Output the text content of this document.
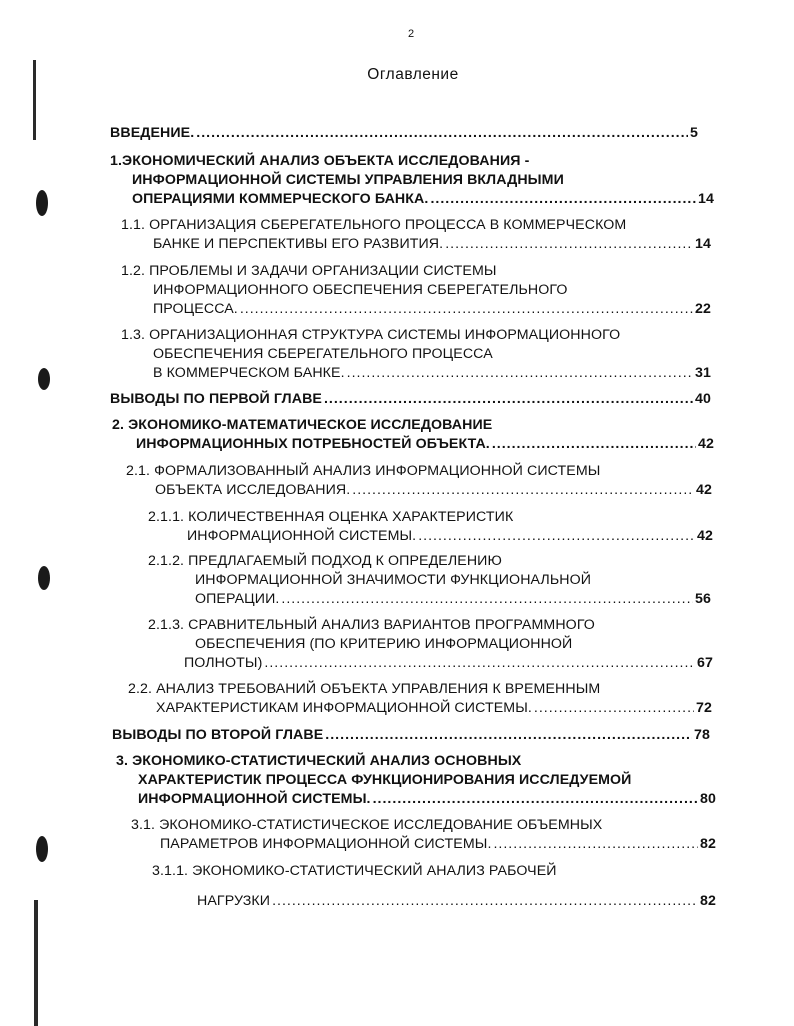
2
Оглавление
ВВЕДЕНИЕ. .....	5
1.ЭКОНОМИЧЕСКИЙ АНАЛИЗ ОБЪЕКТА ИССЛЕДОВАНИЯ -
ИНФОРМАЦИОННОЙ СИСТЕМЫ УПРАВЛЕНИЯ ВКЛАДНЫМИ
ОПЕРАЦИЯМИ КОММЕРЧЕСКОГО БАНКА. .....	14
1.1. ОРГАНИЗАЦИЯ СБЕРЕГАТЕЛЬНОГО ПРОЦЕССА В КОММЕРЧЕСКОМ
БАНКЕ И ПЕРСПЕКТИВЫ ЕГО РАЗВИТИЯ. .....	14
1.2. ПРОБЛЕМЫ И ЗАДАЧИ ОРГАНИЗАЦИИ СИСТЕМЫ
ИНФОРМАЦИОННОГО ОБЕСПЕЧЕНИЯ СБЕРЕГАТЕЛЬНОГО
ПРОЦЕССА. .....	22
1.3. ОРГАНИЗАЦИОННАЯ СТРУКТУРА СИСТЕМЫ ИНФОРМАЦИОННОГО
ОБЕСПЕЧЕНИЯ СБЕРЕГАТЕЛЬНОГО ПРОЦЕССА
В КОММЕРЧЕСКОМ БАНКЕ. .....	31
ВЫВОДЫ ПО ПЕРВОЙ ГЛАВЕ .....	40
2. ЭКОНОМИКО-МАТЕМАТИЧЕСКОЕ ИССЛЕДОВАНИЕ
ИНФОРМАЦИОННЫХ ПОТРЕБНОСТЕЙ ОБЪЕКТА. .....	42
2.1. ФОРМАЛИЗОВАННЫЙ АНАЛИЗ ИНФОРМАЦИОННОЙ СИСТЕМЫ
ОБЪЕКТА ИССЛЕДОВАНИЯ. .....	42
2.1.1. КОЛИЧЕСТВЕННАЯ ОЦЕНКА ХАРАКТЕРИСТИК
ИНФОРМАЦИОННОЙ СИСТЕМЫ. .....	42
2.1.2. ПРЕДЛАГАЕМЫЙ ПОДХОД К ОПРЕДЕЛЕНИЮ
ИНФОРМАЦИОННОЙ ЗНАЧИМОСТИ ФУНКЦИОНАЛЬНОЙ
ОПЕРАЦИИ. .....	56
2.1.3. СРАВНИТЕЛЬНЫЙ АНАЛИЗ ВАРИАНТОВ ПРОГРАММНОГО
ОБЕСПЕЧЕНИЯ (ПО КРИТЕРИЮ ИНФОРМАЦИОННОЙ
ПОЛНОТЫ) .....	67
2.2. АНАЛИЗ ТРЕБОВАНИЙ ОБЪЕКТА УПРАВЛЕНИЯ К ВРЕМЕННЫМ
ХАРАКТЕРИСТИКАМ ИНФОРМАЦИОННОЙ СИСТЕМЫ. .....	72
ВЫВОДЫ ПО ВТОРОЙ ГЛАВЕ .....	78
3. ЭКОНОМИКО-СТАТИСТИЧЕСКИЙ АНАЛИЗ ОСНОВНЫХ
ХАРАКТЕРИСТИК ПРОЦЕССА ФУНКЦИОНИРОВАНИЯ ИССЛЕДУЕМОЙ
ИНФОРМАЦИОННОЙ СИСТЕМЫ. .....	80
3.1. ЭКОНОМИКО-СТАТИСТИЧЕСКОЕ ИССЛЕДОВАНИЕ ОБЪЕМНЫХ
ПАРАМЕТРОВ ИНФОРМАЦИОННОЙ СИСТЕМЫ. .....	82
3.1.1. ЭКОНОМИКО-СТАТИСТИЧЕСКИЙ АНАЛИЗ РАБОЧЕЙ
НАГРУЗКИ .....	82
